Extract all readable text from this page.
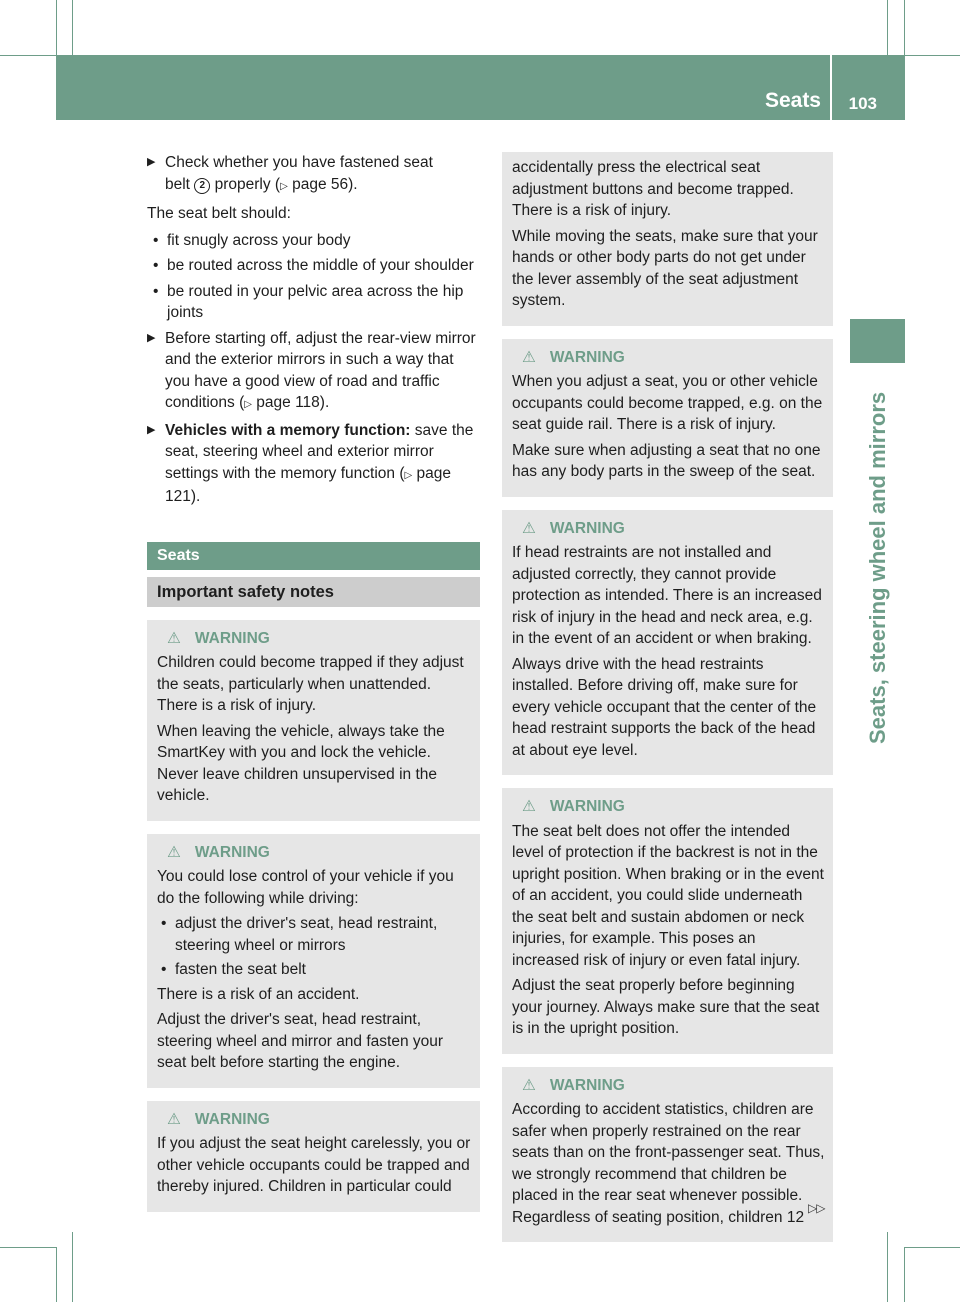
Seats 103
Seats, steering wheel and mirrors

▶ Check whether you have fastened seat
belt 2 properly (▷ page 56).

The seat belt should:

• fit snugly across your body

• be routed across the middle of your shoulder

• be routed in your pelvic area across the hip joints

▶ Before starting off, adjust the rear-view mirror and the exterior mirrors in such a way that you have a good view of road and traffic conditions (▷ page 118).

▶ Vehicles with a memory function: save the seat, steering wheel and exterior mirror settings with the memory function (▷ page 121).

Seats
Important safety notes

⚠ WARNING

Children could become trapped if they adjust the seats, particularly when unattended. There is a risk of injury.

When leaving the vehicle, always take the SmartKey with you and lock the vehicle. Never leave children unsupervised in the vehicle.

⚠ WARNING

You could lose control of your vehicle if you do the following while driving:

• adjust the driver's seat, head restraint, steering wheel or mirrors

• fasten the seat belt

There is a risk of an accident.

Adjust the driver's seat, head restraint, steering wheel and mirror and fasten your seat belt before starting the engine.

⚠ WARNING

If you adjust the seat height carelessly, you or other vehicle occupants could be trapped and thereby injured. Children in particular could

accidentally press the electrical seat adjustment buttons and become trapped. There is a risk of injury.

While moving the seats, make sure that your hands or other body parts do not get under the lever assembly of the seat adjustment system.

⚠ WARNING

When you adjust a seat, you or other vehicle occupants could become trapped, e.g. on the seat guide rail. There is a risk of injury.

Make sure when adjusting a seat that no one has any body parts in the sweep of the seat.

⚠ WARNING

If head restraints are not installed and adjusted correctly, they cannot provide protection as intended. There is an increased risk of injury in the head and neck area, e.g. in the event of an accident or when braking.

Always drive with the head restraints installed. Before driving off, make sure for every vehicle occupant that the center of the head restraint supports the back of the head at about eye level.

⚠ WARNING

The seat belt does not offer the intended level of protection if the backrest is not in the upright position. When braking or in the event of an accident, you could slide underneath the seat belt and sustain abdomen or neck injuries, for example. This poses an increased risk of injury or even fatal injury.

Adjust the seat properly before beginning your journey. Always make sure that the seat is in the upright position.

⚠ WARNING

According to accident statistics, children are safer when properly restrained on the rear seats than on the front-passenger seat. Thus, we strongly recommend that children be placed in the rear seat whenever possible. Regardless of seating position, children 12

▷▷
